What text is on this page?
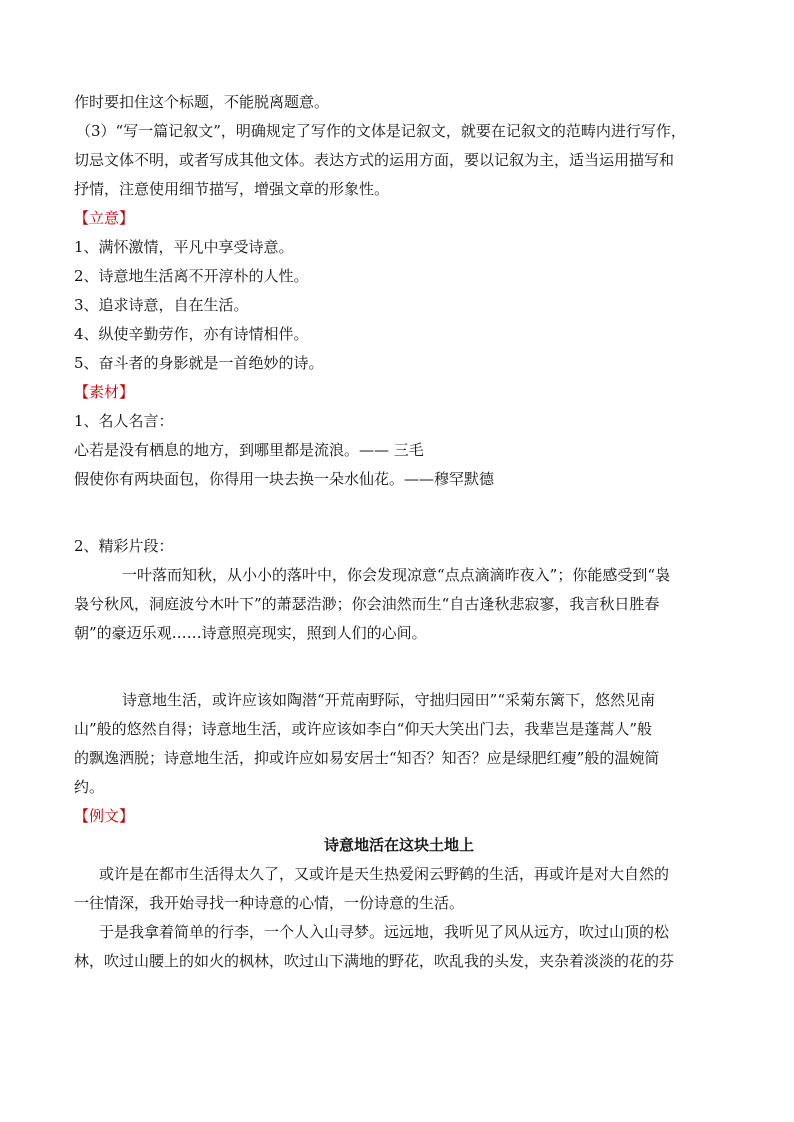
作时要扣住这个标题，不能脱离题意。
（3）“写一篇记叙文”，明确规定了写作的文体是记叙文，就要在记叙文的范畴内进行写作，
切忌文体不明，或者写成其他文体。表达方式的运用方面，要以记叙为主，适当运用描写和
抒情，注意使用细节描写，增强文章的形象性。
【立意】
1、满怀激情，平凡中享受诗意。
2、诗意地生活离不开淳朴的人性。
3、追求诗意，自在生活。
4、纵使辛勤劳作，亦有诗情相伴。
5、奋斗者的身影就是一首绝妙的诗。
【素材】
1、名人名言：
心若是没有栖息的地方，到哪里都是流浪。—— 三毛
假使你有两块面包，你得用一块去换一朵水仙花。——穆罕默德
2、精彩片段：
一叶落而知秋，从小小的落叶中，你会发现凉意“点点滴滴昨夜入”；你能感受到“袅
袅兮秋风，洞庭波兮木叶下”的萧瑟浩渺；你会油然而生“自古逢秋悲寂寥，我言秋日胜春
朝”的豪迈乐观……诗意照亮现实，照到人们的心间。
诗意地生活，或许应该如陶潜“开荒南野际，守拙归园田”“采菊东篱下，悠然见南
山”般的悠然自得；诗意地生活，或许应该如李白“仰天大笑出门去，我辈岂是蓬蒿人”般
的飘逸洒脱；诗意地生活，抑或许应如易安居士“知否？知否？应是绿肥红瘦”般的温婉简
约。
【例文】
诗意地活在这块土地上
或许是在都市生活得太久了，又或许是天生热爱闲云野鹤的生活，再或许是对大自然的
一往情深，我开始寻找一种诗意的心情，一份诗意的生活。
于是我拿着简单的行李，一个人入山寻梦。远远地，我听见了风从远方，吹过山顶的松
林，吹过山腰上的如火的枫林，吹过山下满地的野花，吹乱我的头发，夹杂着淡淡的花的芬
